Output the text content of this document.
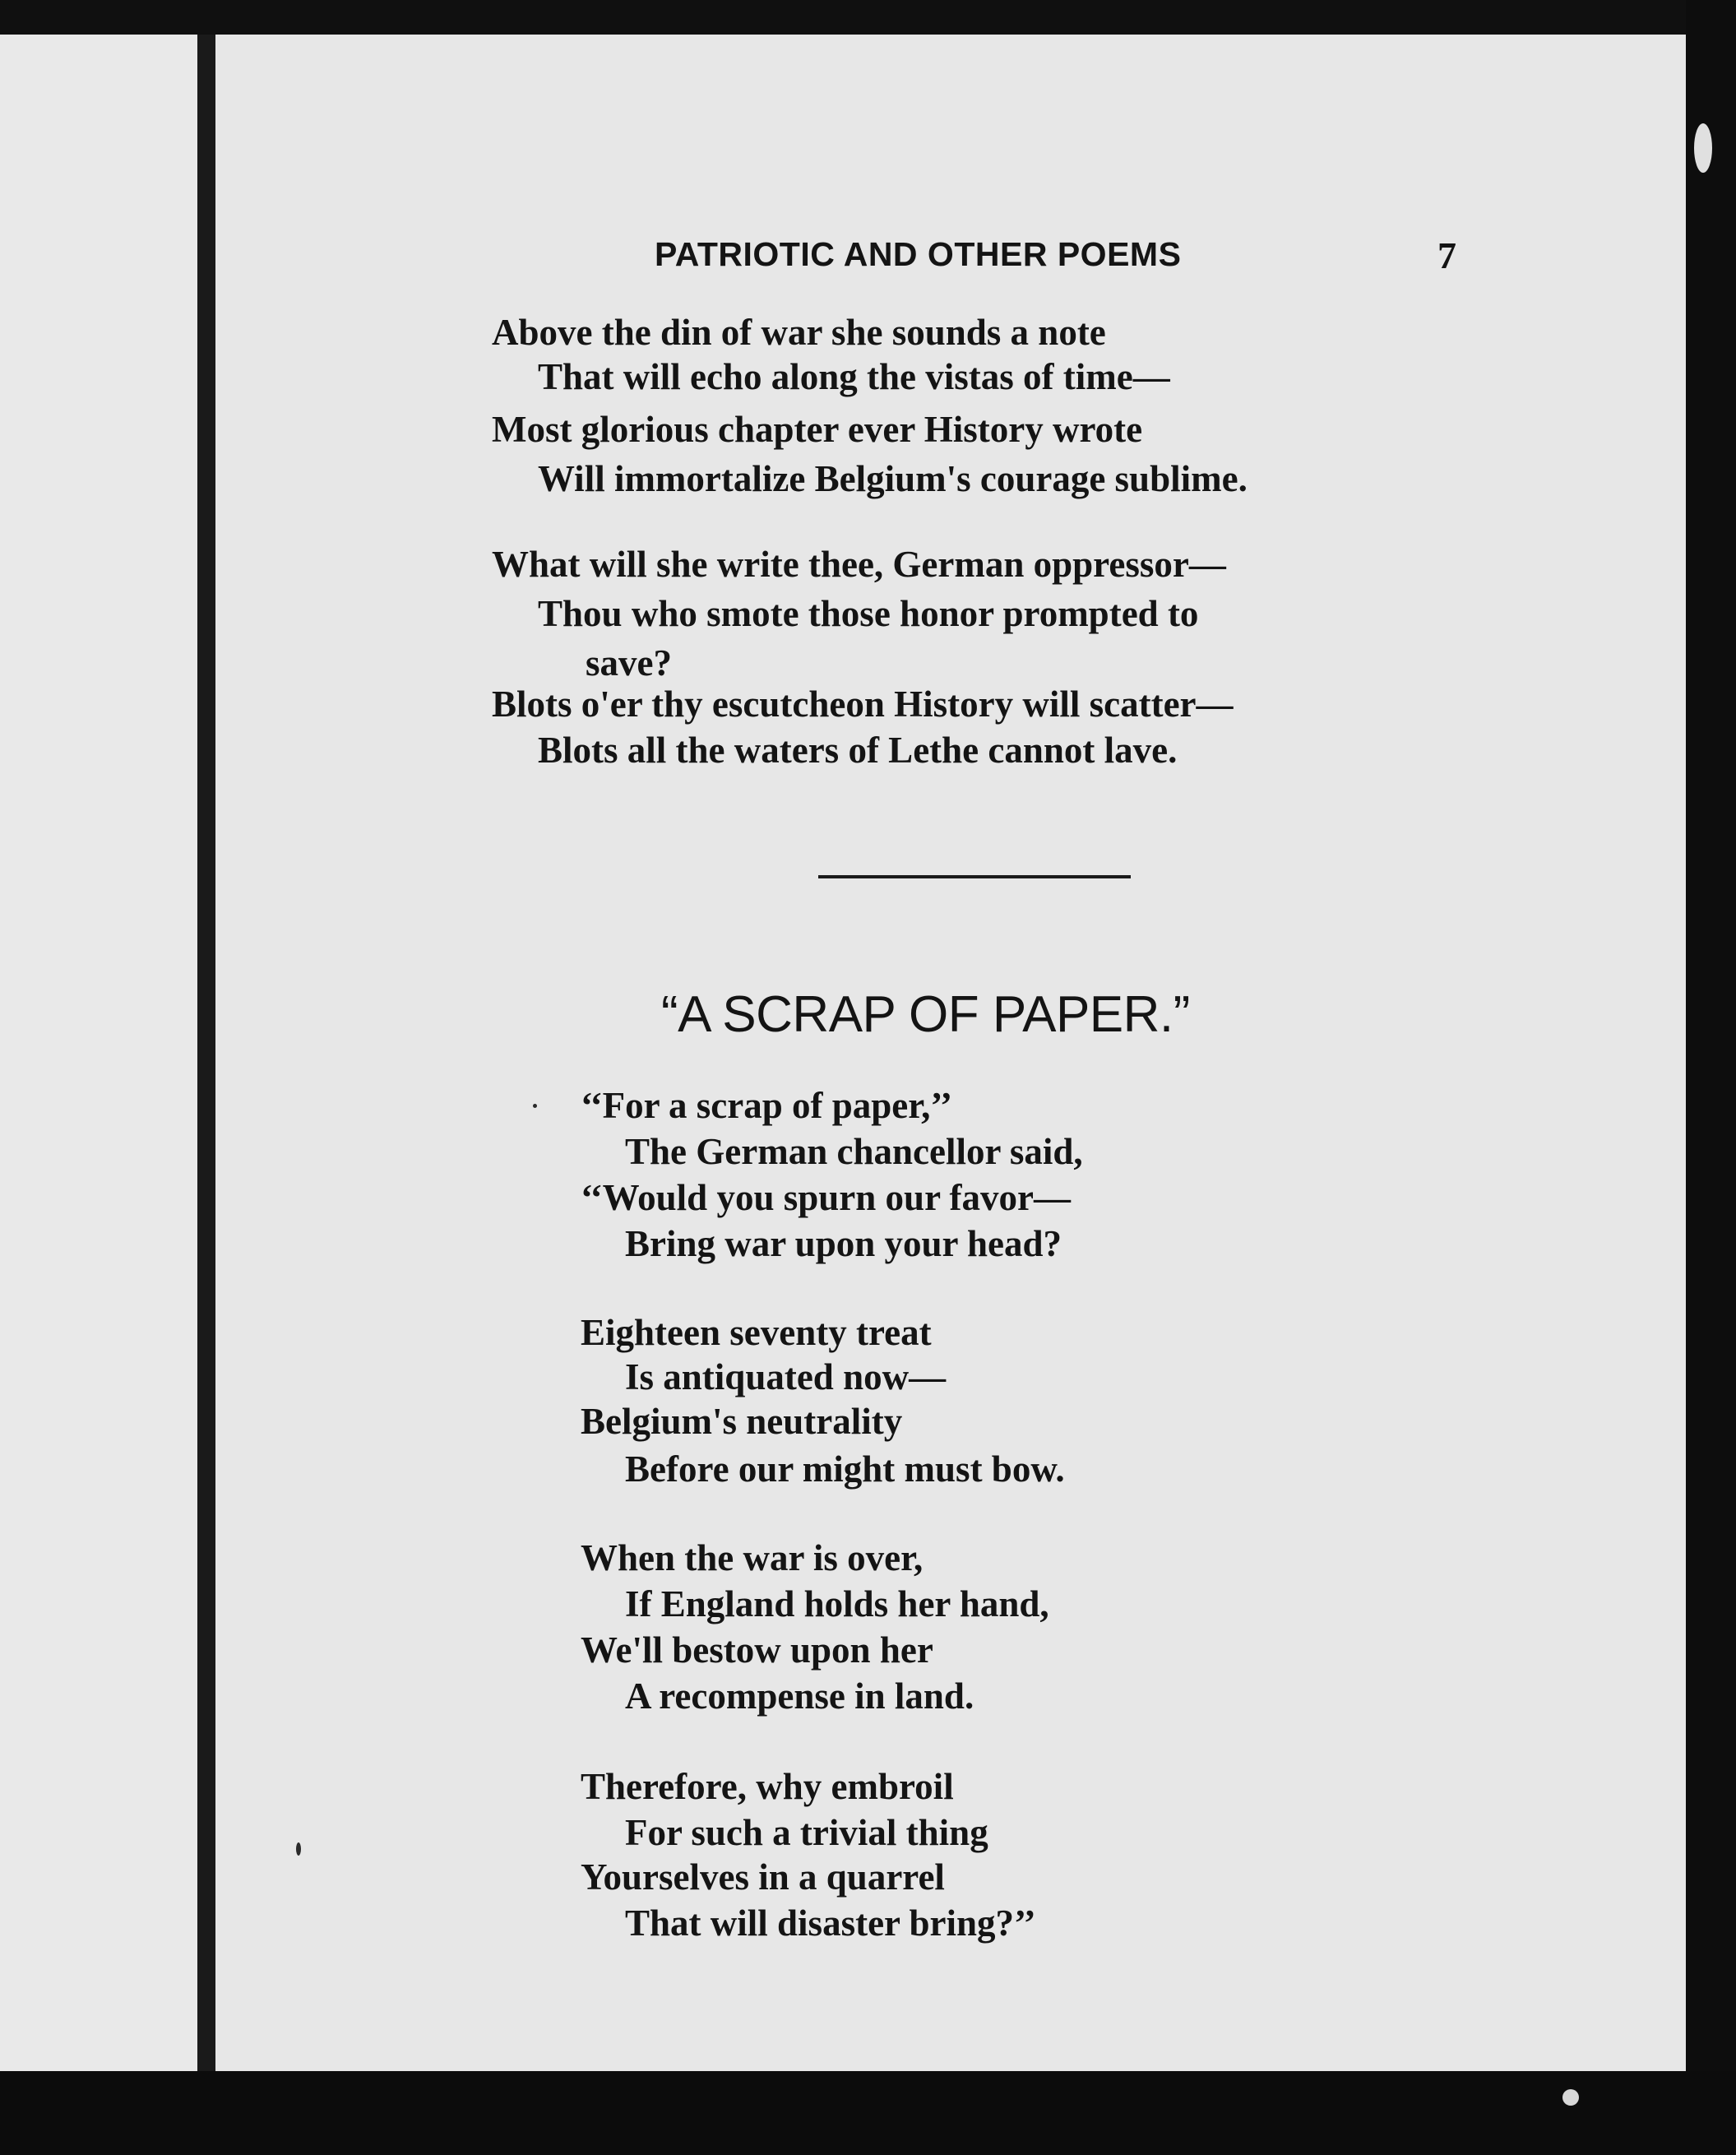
PATRIOTIC AND OTHER POEMS	7
Above the din of war she sounds a note
That will echo along the vistas of time—
Most glorious chapter ever History wrote
Will immortalize Belgium's courage sublime.
What will she write thee, German oppressor—
Thou who smote those honor prompted to
save?
Blots o'er thy escutcheon History will scatter—
Blots all the waters of Lethe cannot lave.
“A SCRAP OF PAPER.”
‘‘For a scrap of paper,’’
The German chancellor said,
‘‘Would you spurn our favor—
Bring war upon your head?
Eighteen seventy treat
Is antiquated now—
Belgium's neutrality
Before our might must bow.
When the war is over,
If England holds her hand,
We'll bestow upon her
A recompense in land.
Therefore, why embroil
For such a trivial thing
Yourselves in a quarrel
That will disaster bring?’’
